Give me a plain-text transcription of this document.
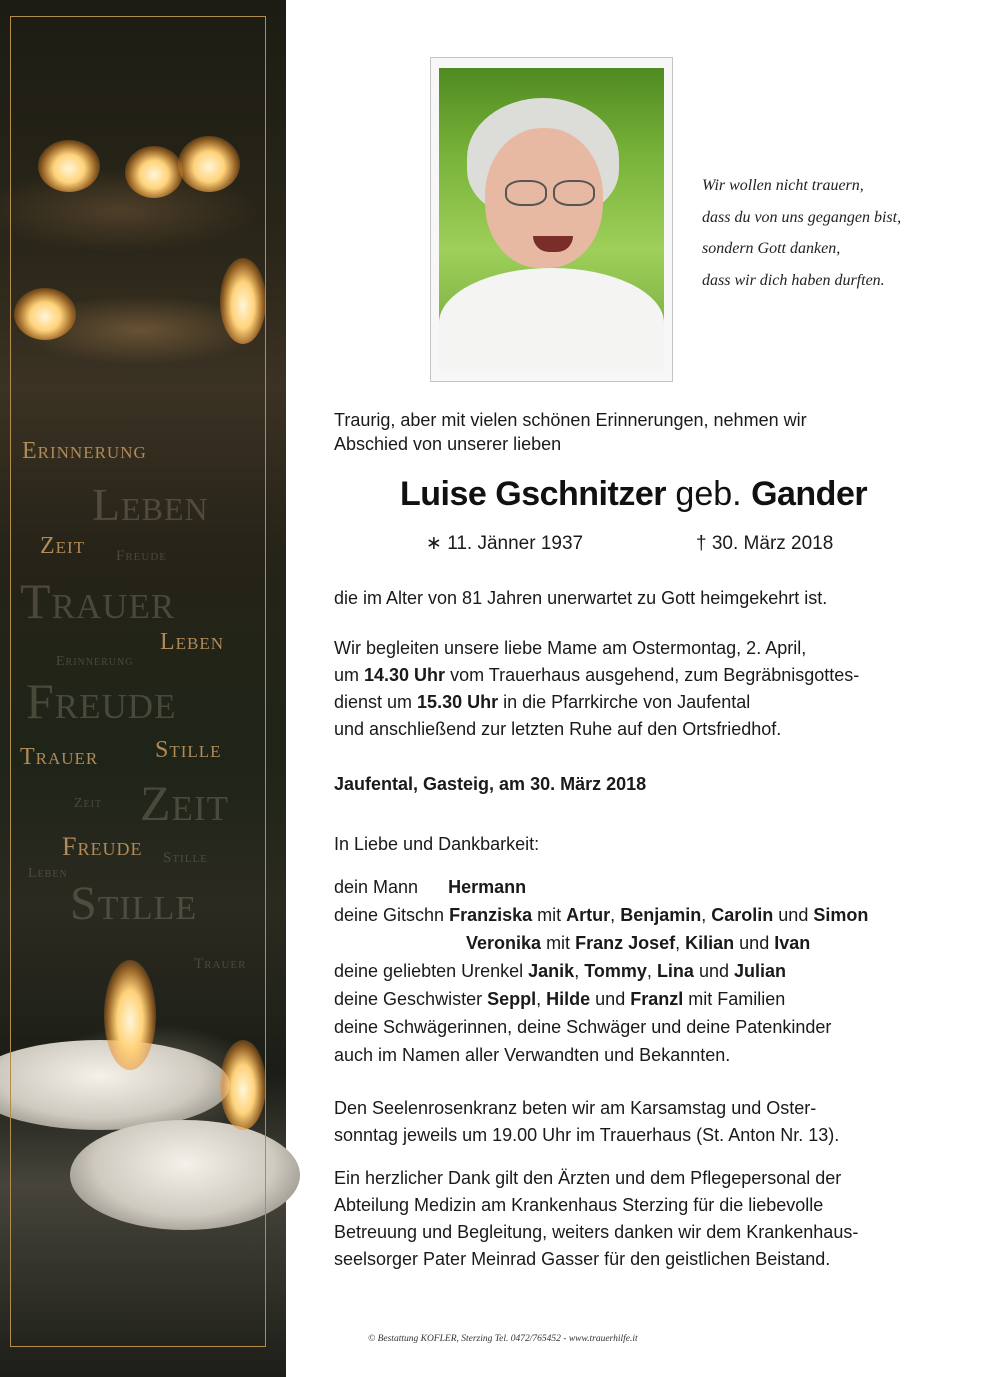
Erinnerung
Leben
Zeit Freude
Trauer
Leben
Erinnerung
Freude
Trauer Stille
Zeit Zeit
Freude Stille
Leben
Stille
Trauer
Wir wollen nicht trauern,
dass du von uns gegangen bist,
sondern Gott danken,
dass wir dich haben durften.
Traurig, aber mit vielen schönen Erinnerungen, nehmen wir
Abschied von unserer lieben
Luise Gschnitzer geb. Gander
∗ 11. Jänner 1937	† 30. März 2018
die im Alter von 81 Jahren unerwartet zu Gott heimgekehrt ist.
Wir begleiten unsere liebe Mame am Ostermontag, 2. April,
um 14.30 Uhr vom Trauerhaus ausgehend, zum Begräbnisgottes-
dienst um 15.30 Uhr in die Pfarrkirche von Jaufental
und anschließend zur letzten Ruhe auf den Ortsfriedhof.
Jaufental, Gasteig, am 30. März 2018
In Liebe und Dankbarkeit:
dein Mann Hermann
deine Gitschn Franziska mit Artur, Benjamin, Carolin und Simon
Veronika mit Franz Josef, Kilian und Ivan
deine geliebten Urenkel Janik, Tommy, Lina und Julian
deine Geschwister Seppl, Hilde und Franzl mit Familien
deine Schwägerinnen, deine Schwäger und deine Patenkinder
auch im Namen aller Verwandten und Bekannten.
Den Seelenrosenkranz beten wir am Karsamstag und Oster-
sonntag jeweils um 19.00 Uhr im Trauerhaus (St. Anton Nr. 13).
Ein herzlicher Dank gilt den Ärzten und dem Pflegepersonal der
Abteilung Medizin am Krankenhaus Sterzing für die liebevolle
Betreuung und Begleitung, weiters danken wir dem Krankenhaus-
seelsorger Pater Meinrad Gasser für den geistlichen Beistand.
© Bestattung KOFLER, Sterzing Tel. 0472/765452 - www.trauerhilfe.it
